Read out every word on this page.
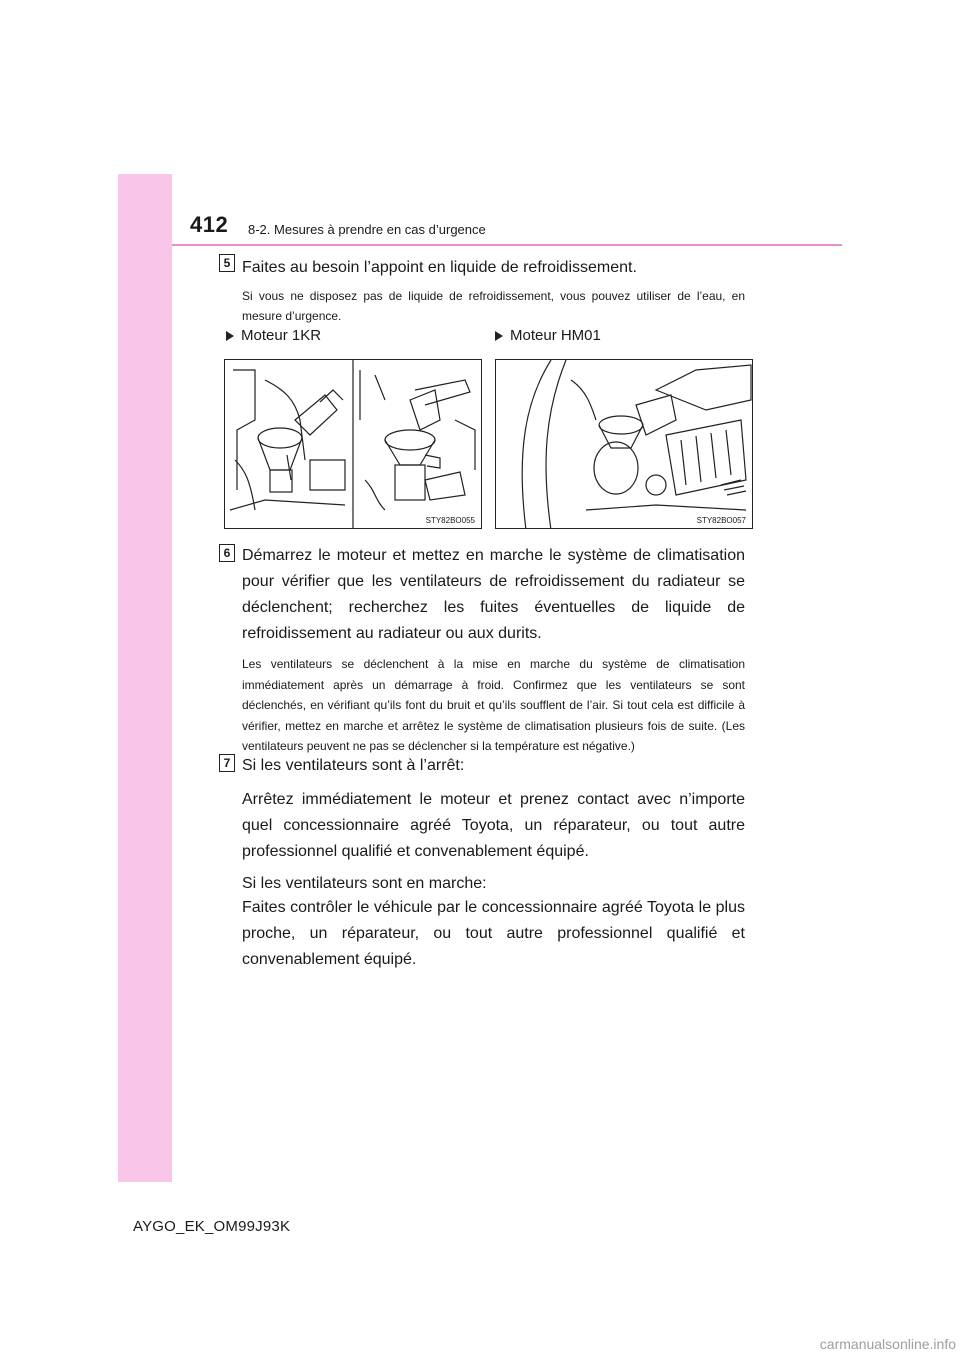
412 8-2. Mesures à prendre en cas d’urgence
5 Faites au besoin l’appoint en liquide de refroidissement.

Si vous ne disposez pas de liquide de refroidissement, vous pouvez utiliser de l’eau, en mesure d’urgence.

Moteur 1KR	Moteur HM01
STY82BO055	STY82BO057
6 Démarrez le moteur et mettez en marche le système de climatisation pour vérifier que les ventilateurs de refroidissement du radiateur se déclenchent; recherchez les fuites éventuelles de liquide de refroidissement au radiateur ou aux durits.

Les ventilateurs se déclenchent à la mise en marche du système de climatisation immédiatement après un démarrage à froid. Confirmez que les ventilateurs se sont déclenchés, en vérifiant qu’ils font du bruit et qu’ils soufflent de l’air. Si tout cela est difficile à vérifier, mettez en marche et arrêtez le système de climatisation plusieurs fois de suite. (Les ventilateurs peuvent ne pas se déclencher si la température est négative.)

7 Si les ventilateurs sont à l’arrêt:

Arrêtez immédiatement le moteur et prenez contact avec n’importe quel concessionnaire agréé Toyota, un réparateur, ou tout autre professionnel qualifié et convenablement équipé.

Si les ventilateurs sont en marche:

Faites contrôler le véhicule par le concessionnaire agréé Toyota le plus proche, un réparateur, ou tout autre professionnel qualifié et convenablement équipé.

AYGO_EK_OM99J93K
carmanualsonline.info
